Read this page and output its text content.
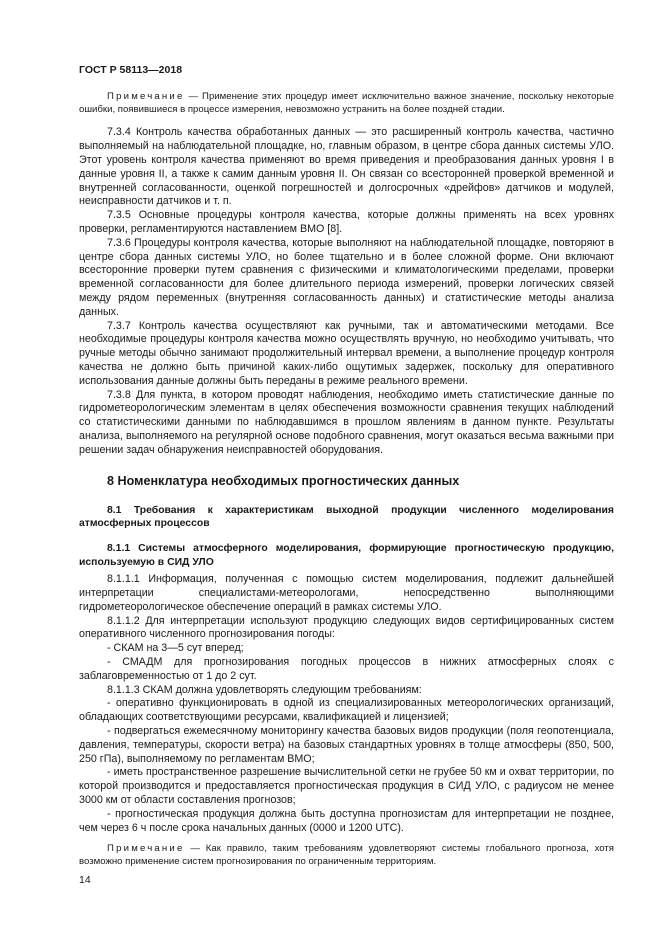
ГОСТ Р 58113—2018

Примечание — Применение этих процедур имеет исключительно важное значение, поскольку некоторые ошибки, появившиеся в процессе измерения, невозможно устранить на более поздней стадии.

7.3.4 Контроль качества обработанных данных — это расширенный контроль качества, частично выполняемый на наблюдательной площадке, но, главным образом, в центре сбора данных системы УЛО. Этот уровень контроля качества применяют во время приведения и преобразования данных уровня I в данные уровня II, а также к самим данным уровня II. Он связан со всесторонней проверкой временной и внутренней согласованности, оценкой погрешностей и долгосрочных «дрейфов» датчиков и модулей, неисправности датчиков и т. п.

7.3.5 Основные процедуры контроля качества, которые должны применять на всех уровнях проверки, регламентируются наставлением ВМО [8].

7.3.6 Процедуры контроля качества, которые выполняют на наблюдательной площадке, повторяют в центре сбора данных системы УЛО, но более тщательно и в более сложной форме. Они включают всесторонние проверки путем сравнения с физическими и климатологическими пределами, проверки временной согласованности для более длительного периода измерений, проверки логических связей между рядом переменных (внутренняя согласованность данных) и статистические методы анализа данных.

7.3.7 Контроль качества осуществляют как ручными, так и автоматическими методами. Все необходимые процедуры контроля качества можно осуществлять вручную, но необходимо учитывать, что ручные методы обычно занимают продолжительный интервал времени, а выполнение процедур контроля качества не должно быть причиной каких-либо ощутимых задержек, поскольку для оперативного использования данные должны быть переданы в режиме реального времени.

7.3.8 Для пункта, в котором проводят наблюдения, необходимо иметь статистические данные по гидрометеорологическим элементам в целях обеспечения возможности сравнения текущих наблюдений со статистическими данными по наблюдавшимся в прошлом явлениям в данном пункте. Результаты анализа, выполняемого на регулярной основе подобного сравнения, могут оказаться весьма важными при решении задач обнаружения неисправностей оборудования.

8 Номенклатура необходимых прогностических данных

8.1 Требования к характеристикам выходной продукции численного моделирования атмосферных процессов

8.1.1 Системы атмосферного моделирования, формирующие прогностическую продукцию, используемую в СИД УЛО

8.1.1.1 Информация, полученная с помощью систем моделирования, подлежит дальнейшей интерпретации специалистами-метеорологами, непосредственно выполняющими гидрометеорологическое обеспечение операций в рамках системы УЛО.

8.1.1.2 Для интерпретации используют продукцию следующих видов сертифицированных систем оперативного численного прогнозирования погоды:

- СКАМ на 3—5 сут вперед;

- СМАДМ для прогнозирования погодных процессов в нижних атмосферных слоях с заблаговременностью от 1 до 2 сут.

8.1.1.3 СКАМ должна удовлетворять следующим требованиям:

- оперативно функционировать в одной из специализированных метеорологических организаций, обладающих соответствующими ресурсами, квалификацией и лицензией;

- подвергаться ежемесячному мониторингу качества базовых видов продукции (поля геопотенциала, давления, температуры, скорости ветра) на базовых стандартных уровнях в толще атмосферы (850, 500, 250 гПа), выполняемому по регламентам ВМО;

- иметь пространственное разрешение вычислительной сетки не грубее 50 км и охват территории, по которой производится и предоставляется прогностическая продукция в СИД УЛО, с радиусом не менее 3000 км от области составления прогнозов;

- прогностическая продукция должна быть доступна прогнозистам для интерпретации не позднее, чем через 6 ч после срока начальных данных (0000 и 1200 UTC).

Примечание — Как правило, таким требованиям удовлетворяют системы глобального прогноза, хотя возможно применение систем прогнозирования по ограниченным территориям.

14
